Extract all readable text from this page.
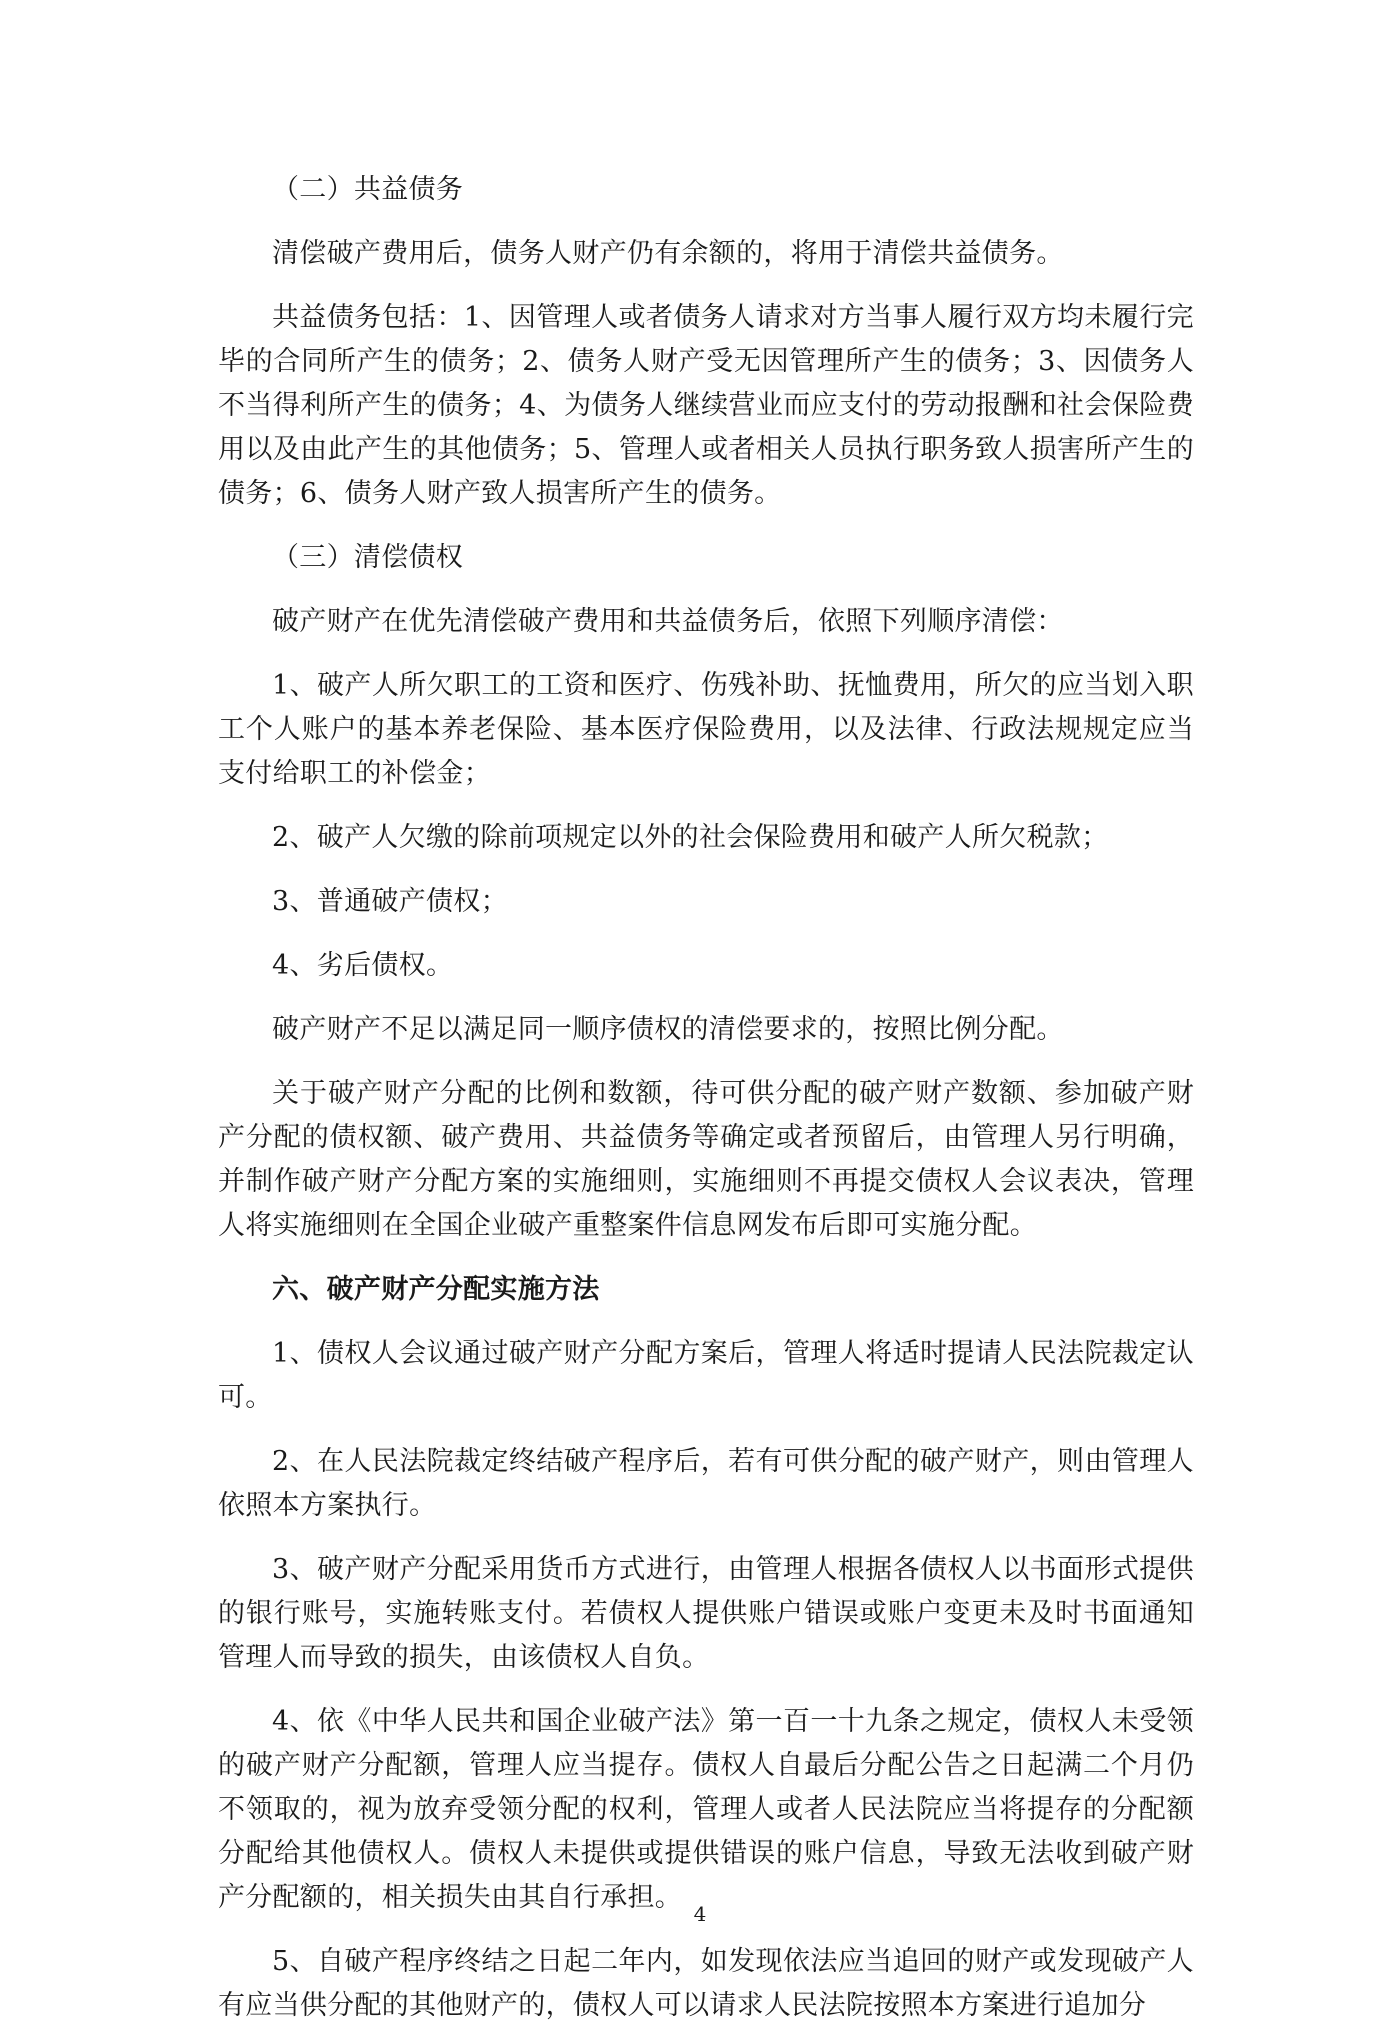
（二）共益债务

清偿破产费用后，债务人财产仍有余额的，将用于清偿共益债务。

共益债务包括：1、因管理人或者债务人请求对方当事人履行双方均未履行完毕的合同所产生的债务；2、债务人财产受无因管理所产生的债务；3、因债务人不当得利所产生的债务；4、为债务人继续营业而应支付的劳动报酬和社会保险费用以及由此产生的其他债务；5、管理人或者相关人员执行职务致人损害所产生的债务；6、债务人财产致人损害所产生的债务。

（三）清偿债权

破产财产在优先清偿破产费用和共益债务后，依照下列顺序清偿：

1、破产人所欠职工的工资和医疗、伤残补助、抚恤费用，所欠的应当划入职工个人账户的基本养老保险、基本医疗保险费用，以及法律、行政法规规定应当支付给职工的补偿金；

2、破产人欠缴的除前项规定以外的社会保险费用和破产人所欠税款；

3、普通破产债权；

4、劣后债权。

破产财产不足以满足同一顺序债权的清偿要求的，按照比例分配。

关于破产财产分配的比例和数额，待可供分配的破产财产数额、参加破产财产分配的债权额、破产费用、共益债务等确定或者预留后，由管理人另行明确，并制作破产财产分配方案的实施细则，实施细则不再提交债权人会议表决，管理人将实施细则在全国企业破产重整案件信息网发布后即可实施分配。

六、破产财产分配实施方法

1、债权人会议通过破产财产分配方案后，管理人将适时提请人民法院裁定认可。

2、在人民法院裁定终结破产程序后，若有可供分配的破产财产，则由管理人依照本方案执行。

3、破产财产分配采用货币方式进行，由管理人根据各债权人以书面形式提供的银行账号，实施转账支付。若债权人提供账户错误或账户变更未及时书面通知管理人而导致的损失，由该债权人自负。

4、依《中华人民共和国企业破产法》第一百一十九条之规定，债权人未受领的破产财产分配额，管理人应当提存。债权人自最后分配公告之日起满二个月仍不领取的，视为放弃受领分配的权利，管理人或者人民法院应当将提存的分配额分配给其他债权人。债权人未提供或提供错误的账户信息，导致无法收到破产财产分配额的，相关损失由其自行承担。

5、自破产程序终结之日起二年内，如发现依法应当追回的财产或发现破产人有应当供分配的其他财产的，债权人可以请求人民法院按照本方案进行追加分

4
